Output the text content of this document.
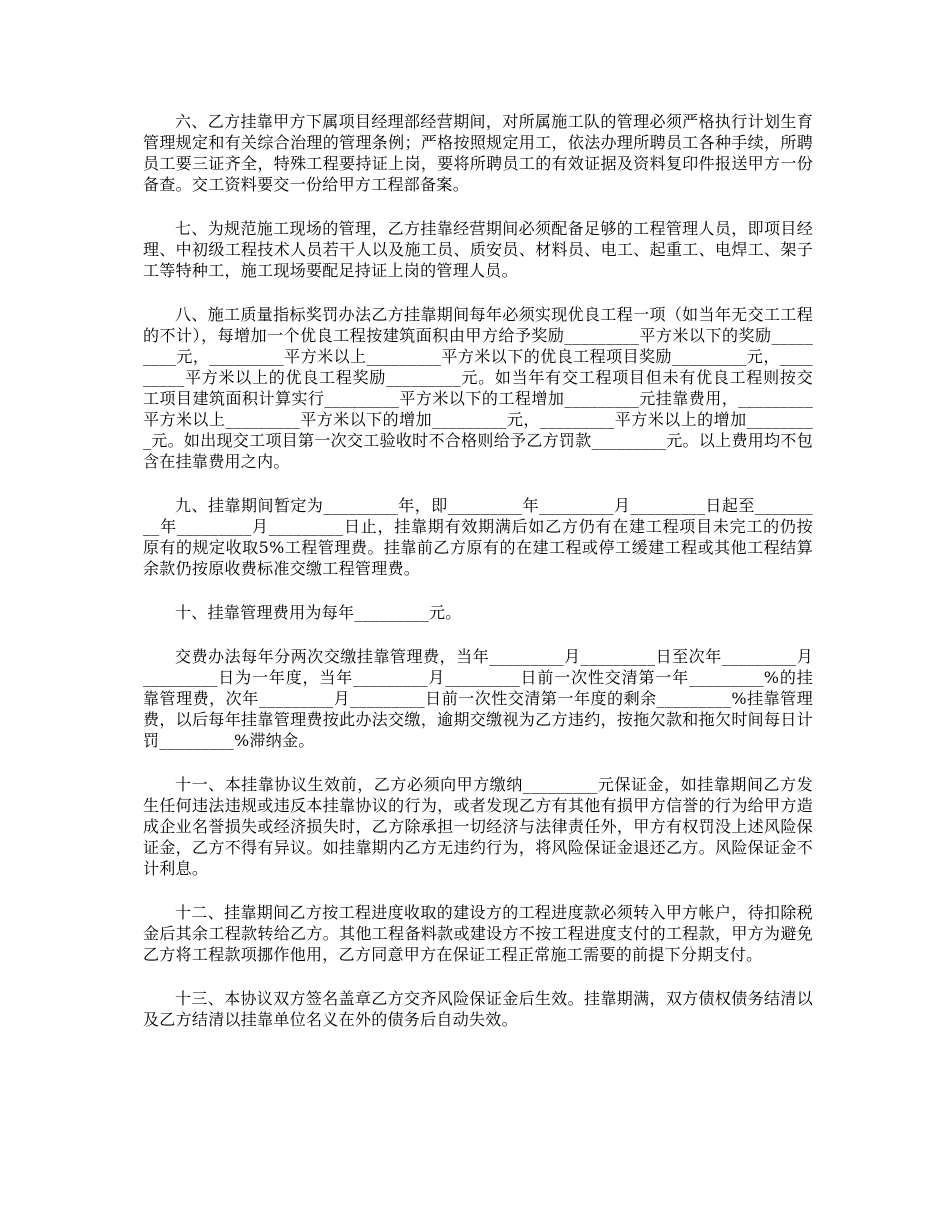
六、乙方挂靠甲方下属项目经理部经营期间，对所属施工队的管理必须严格执行计划生育管理规定和有关综合治理的管理条例；严格按照规定用工，依法办理所聘员工各种手续，所聘员工要三证齐全，特殊工程要持证上岗，要将所聘员工的有效证据及资料复印件报送甲方一份备查。交工资料要交一份给甲方工程部备案。

七、为规范施工现场的管理，乙方挂靠经营期间必须配备足够的工程管理人员，即项目经理、中初级工程技术人员若干人以及施工员、质安员、材料员、电工、起重工、电焊工、架子工等特种工，施工现场要配足持证上岗的管理人员。

八、施工质量指标奖罚办法乙方挂靠期间每年必须实现优良工程一项（如当年无交工工程的不计），每增加一个优良工程按建筑面积由甲方给予奖励_________平方米以下的奖励_________元，_________平方米以上_________平方米以下的优良工程项目奖励_________元，_________平方米以上的优良工程奖励_________元。如当年有交工程项目但未有优良工程则按交工项目建筑面积计算实行_________平方米以下的工程增加_________元挂靠费用，_________平方米以上_________平方米以下的增加_________元，_________平方米以上的增加_________元。如出现交工项目第一次交工验收时不合格则给予乙方罚款_________元。以上费用均不包含在挂靠费用之内。

九、挂靠期间暂定为_________年，即_________年_________月_________日起至_________年_________月_________日止，挂靠期有效期满后如乙方仍有在建工程项目未完工的仍按原有的规定收取5%工程管理费。挂靠前乙方原有的在建工程或停工缓建工程或其他工程结算余款仍按原收费标准交缴工程管理费。

十、挂靠管理费用为每年_________元。

交费办法每年分两次交缴挂靠管理费，当年_________月_________日至次年_________月_________日为一年度，当年_________月_________日前一次性交清第一年_________%的挂靠管理费，次年_________月_________日前一次性交清第一年度的剩余_________%挂靠管理费，以后每年挂靠管理费按此办法交缴，逾期交缴视为乙方违约，按拖欠款和拖欠时间每日计罚_________%滞纳金。

十一、本挂靠协议生效前，乙方必须向甲方缴纳_________元保证金，如挂靠期间乙方发生任何违法违规或违反本挂靠协议的行为，或者发现乙方有其他有损甲方信誉的行为给甲方造成企业名誉损失或经济损失时，乙方除承担一切经济与法律责任外，甲方有权罚没上述风险保证金，乙方不得有异议。如挂靠期内乙方无违约行为，将风险保证金退还乙方。风险保证金不计利息。

十二、挂靠期间乙方按工程进度收取的建设方的工程进度款必须转入甲方帐户，待扣除税金后其余工程款转给乙方。其他工程备料款或建设方不按工程进度支付的工程款，甲方为避免乙方将工程款项挪作他用，乙方同意甲方在保证工程正常施工需要的前提下分期支付。

十三、本协议双方签名盖章乙方交齐风险保证金后生效。挂靠期满，双方债权债务结清以及乙方结清以挂靠单位名义在外的债务后自动失效。
